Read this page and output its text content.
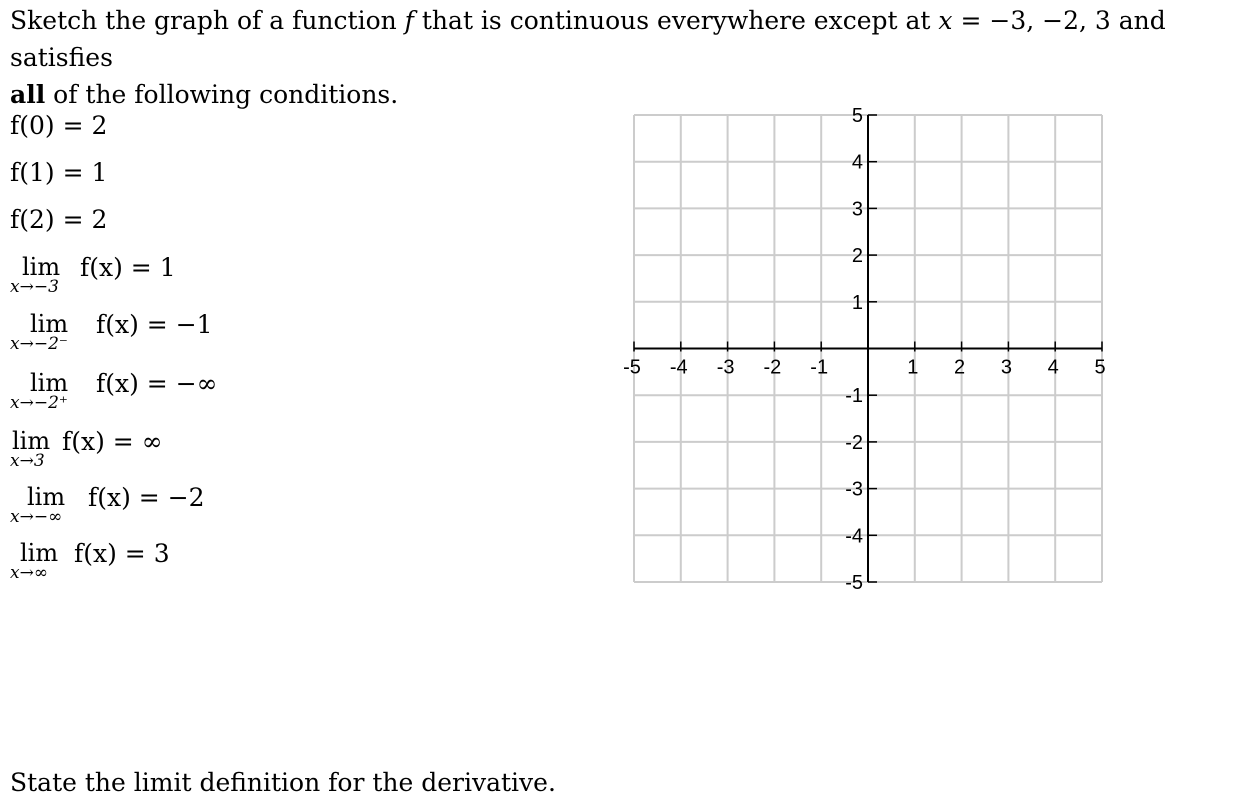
Sketch the graph of a function f that is continuous everywhere except at x = −3, −2, 3 and satisfies
all of the following conditions.

f(0) = 2
f(1) = 1
f(2) = 2
lim
x→−3
f(x) = 1
lim
x→−2⁻
f(x) = −1
lim
x→−2⁺
f(x) = −∞
lim
x→3
f(x) = ∞
lim
x→−∞
f(x) = −2
lim
x→∞
f(x) = 3
-5 -4 -3 -2 -1	1 2 3 4 5
5
4
3
2
1
-1
-2
-3
-4
-5

State the limit definition for the derivative.
